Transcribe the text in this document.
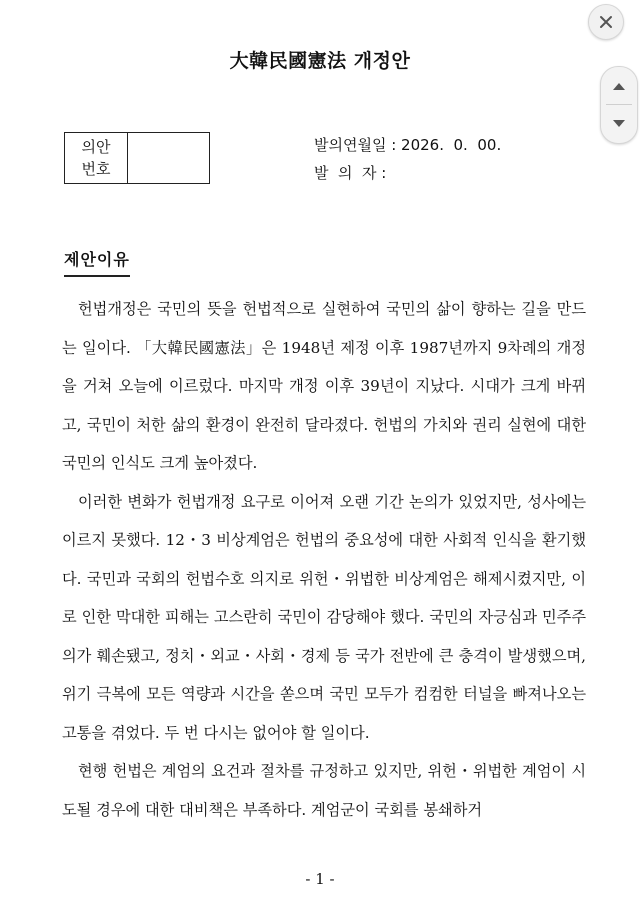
大韓民國憲法 개정안
의안
번호
발의연월일 : 2026.  0.  00.
발  의  자 :
제안이유

헌법개정은 국민의 뜻을 헌법적으로 실현하여 국민의 삶이 향하는 길을 만드는 일이다. 「大韓民國憲法」은 1948년 제정 이후 1987년까지 9차례의 개정을 거쳐 오늘에 이르렀다. 마지막 개정 이후 39년이 지났다. 시대가 크게 바뀌고, 국민이 처한 삶의 환경이 완전히 달라졌다. 헌법의 가치와 권리 실현에 대한 국민의 인식도 크게 높아졌다.

이러한 변화가 헌법개정 요구로 이어져 오랜 기간 논의가 있었지만, 성사에는 이르지 못했다. 12・3 비상계엄은 헌법의 중요성에 대한 사회적 인식을 환기했다. 국민과 국회의 헌법수호 의지로 위헌・위법한 비상계엄은 해제시켰지만, 이로 인한 막대한 피해는 고스란히 국민이 감당해야 했다. 국민의 자긍심과 민주주의가 훼손됐고, 정치・외교・사회・경제 등 국가 전반에 큰 충격이 발생했으며, 위기 극복에 모든 역량과 시간을 쏟으며 국민 모두가 컴컴한 터널을 빠져나오는 고통을 겪었다. 두 번 다시는 없어야 할 일이다.

현행 헌법은 계엄의 요건과 절차를 규정하고 있지만, 위헌・위법한 계엄이 시도될 경우에 대한 대비책은 부족하다. 계엄군이 국회를 봉쇄하거

- 1 -
